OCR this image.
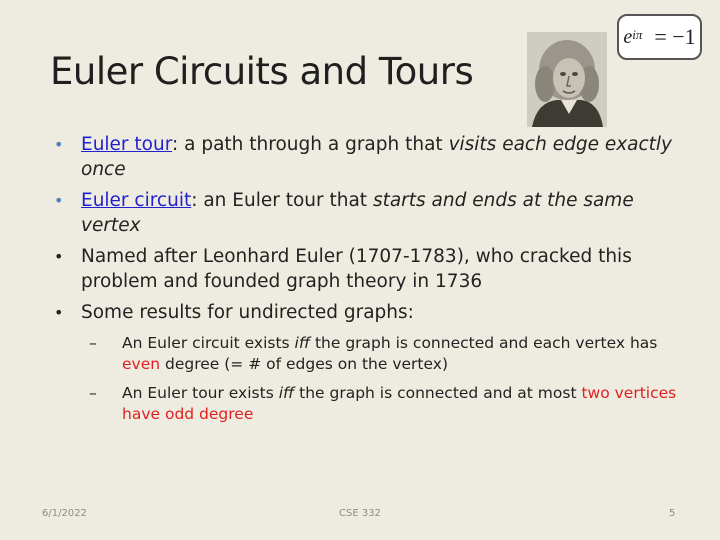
Euler Circuits and Tours
$e^{i\pi} = -1$
• Euler tour: a path through a graph that visits each edge exactly once
• Euler circuit: an Euler tour that starts and ends at the same vertex
• Named after Leonhard Euler (1707-1783), who cracked this problem and founded graph theory in 1736
• Some results for undirected graphs:
– An Euler circuit exists iff the graph is connected and each vertex has even degree (= # of edges on the vertex)
– An Euler tour exists iff the graph is connected and at most two vertices have odd degree
6/1/2022	CSE 332	5
